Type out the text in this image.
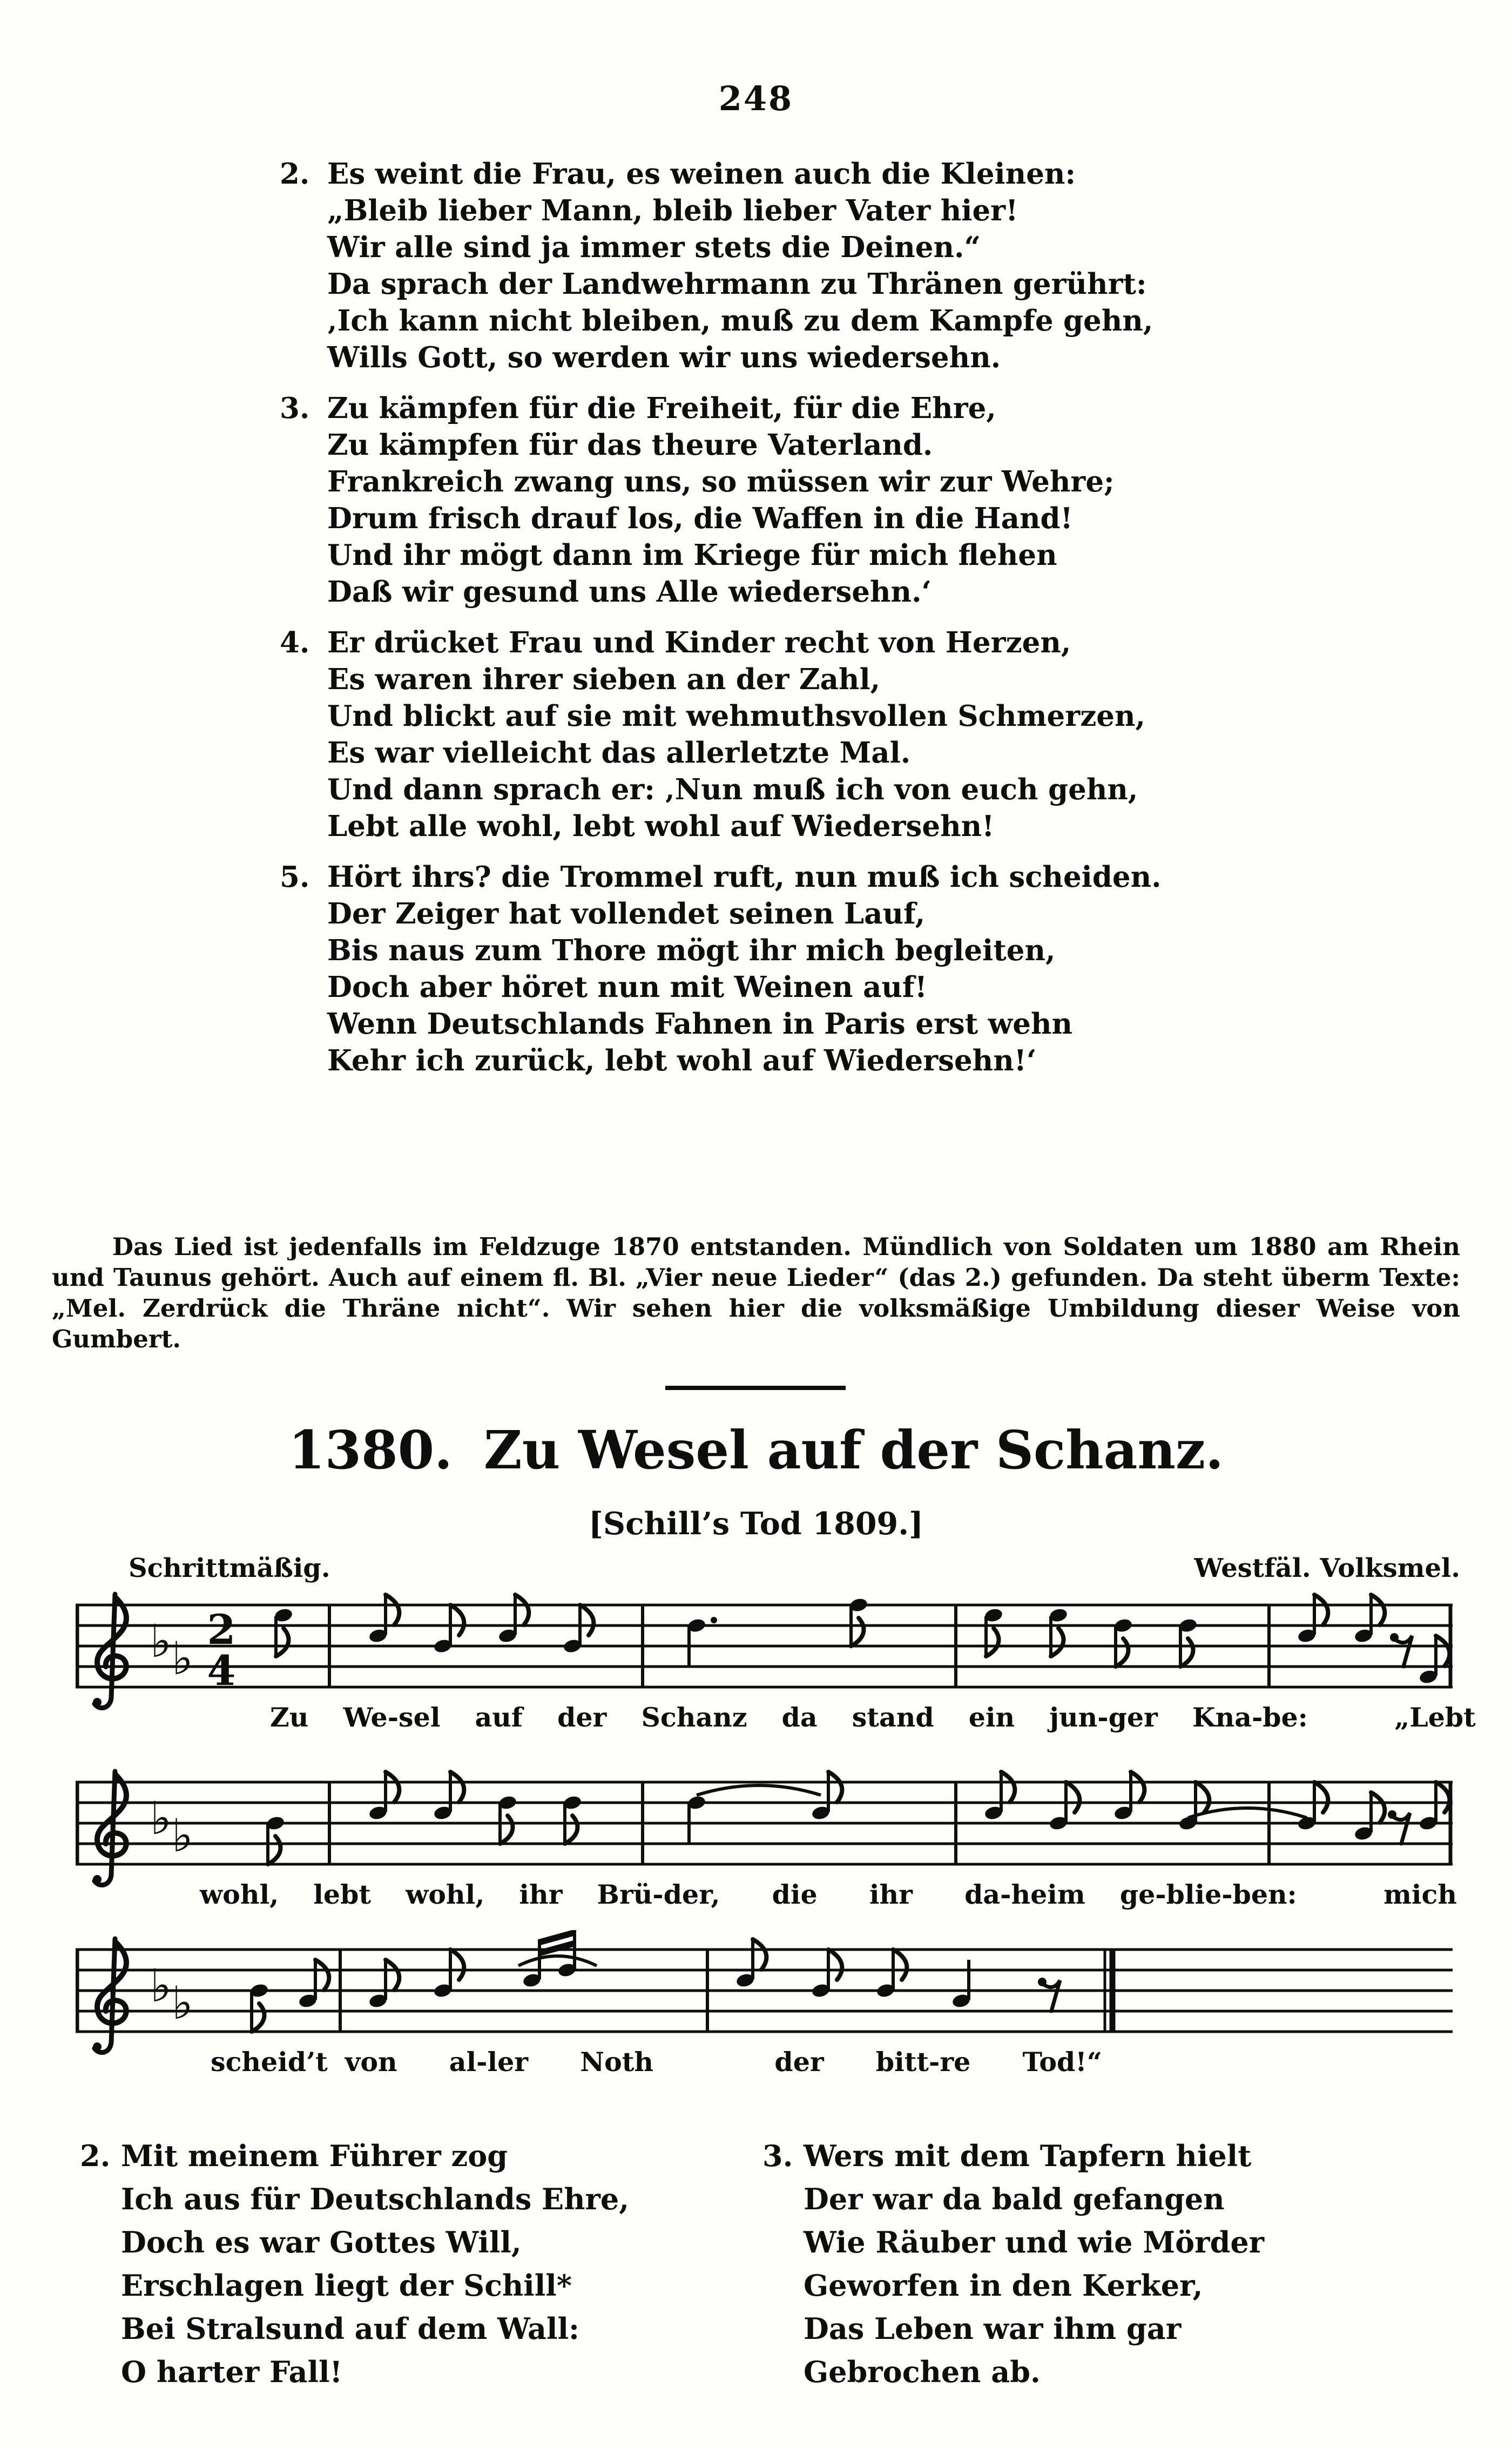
248
2. Es weint die Frau, es weinen auch die Kleinen:
„Bleib lieber Mann, bleib lieber Vater hier!
Wir alle sind ja immer stets die Deinen.“
Da sprach der Landwehrmann zu Thränen gerührt:
‚Ich kann nicht bleiben, muß zu dem Kampfe gehn,
Wills Gott, so werden wir uns wiedersehn.
3. Zu kämpfen für die Freiheit, für die Ehre,
Zu kämpfen für das theure Vaterland.
Frankreich zwang uns, so müssen wir zur Wehre;
Drum frisch drauf los, die Waffen in die Hand!
Und ihr mögt dann im Kriege für mich flehen
Daß wir gesund uns Alle wiedersehn.‘
4. Er drücket Frau und Kinder recht von Herzen,
Es waren ihrer sieben an der Zahl,
Und blickt auf sie mit wehmuthsvollen Schmerzen,
Es war vielleicht das allerletzte Mal.
Und dann sprach er: ‚Nun muß ich von euch gehn,
Lebt alle wohl, lebt wohl auf Wiedersehn!
5. Hört ihrs? die Trommel ruft, nun muß ich scheiden.
Der Zeiger hat vollendet seinen Lauf,
Bis naus zum Thore mögt ihr mich begleiten,
Doch aber höret nun mit Weinen auf!
Wenn Deutschlands Fahnen in Paris erst wehn
Kehr ich zurück, lebt wohl auf Wiedersehn!‘

Das Lied ist jedenfalls im Feldzuge 1870 entstanden. Mündlich von Soldaten um 1880 am Rhein und Taunus gehört. Auch auf einem fl. Bl. „Vier neue Lieder“ (das 2.) gefunden. Da steht überm Texte: „Mel. Zerdrück die Thräne nicht“. Wir sehen hier die volksmäßige Umbildung dieser Weise von Gumbert.

1380. Zu Wesel auf der Schanz.
[Schill’s Tod 1809.]
Schrittmäßig.	Westfäl. Volksmel.
♭ ♭
2
4
Zu  We-sel  auf  der  Schanz  da  stand  ein  jun-ger  Kna-be:     „Lebt
♭ ♭
wohl,  lebt  wohl,  ihr  Brü-der,   die   ihr   da-heim  ge-blie-ben:     mich
♭ ♭
scheid’t von   al-ler   Noth       der   bitt-re   Tod!“
2. Mit meinem Führer zog
Ich aus für Deutschlands Ehre,
Doch es war Gottes Will,
Erschlagen liegt der Schill*
Bei Stralsund auf dem Wall:
O harter Fall!
3. Wers mit dem Tapfern hielt
Der war da bald gefangen
Wie Räuber und wie Mörder
Geworfen in den Kerker,
Das Leben war ihm gar
Gebrochen ab.
